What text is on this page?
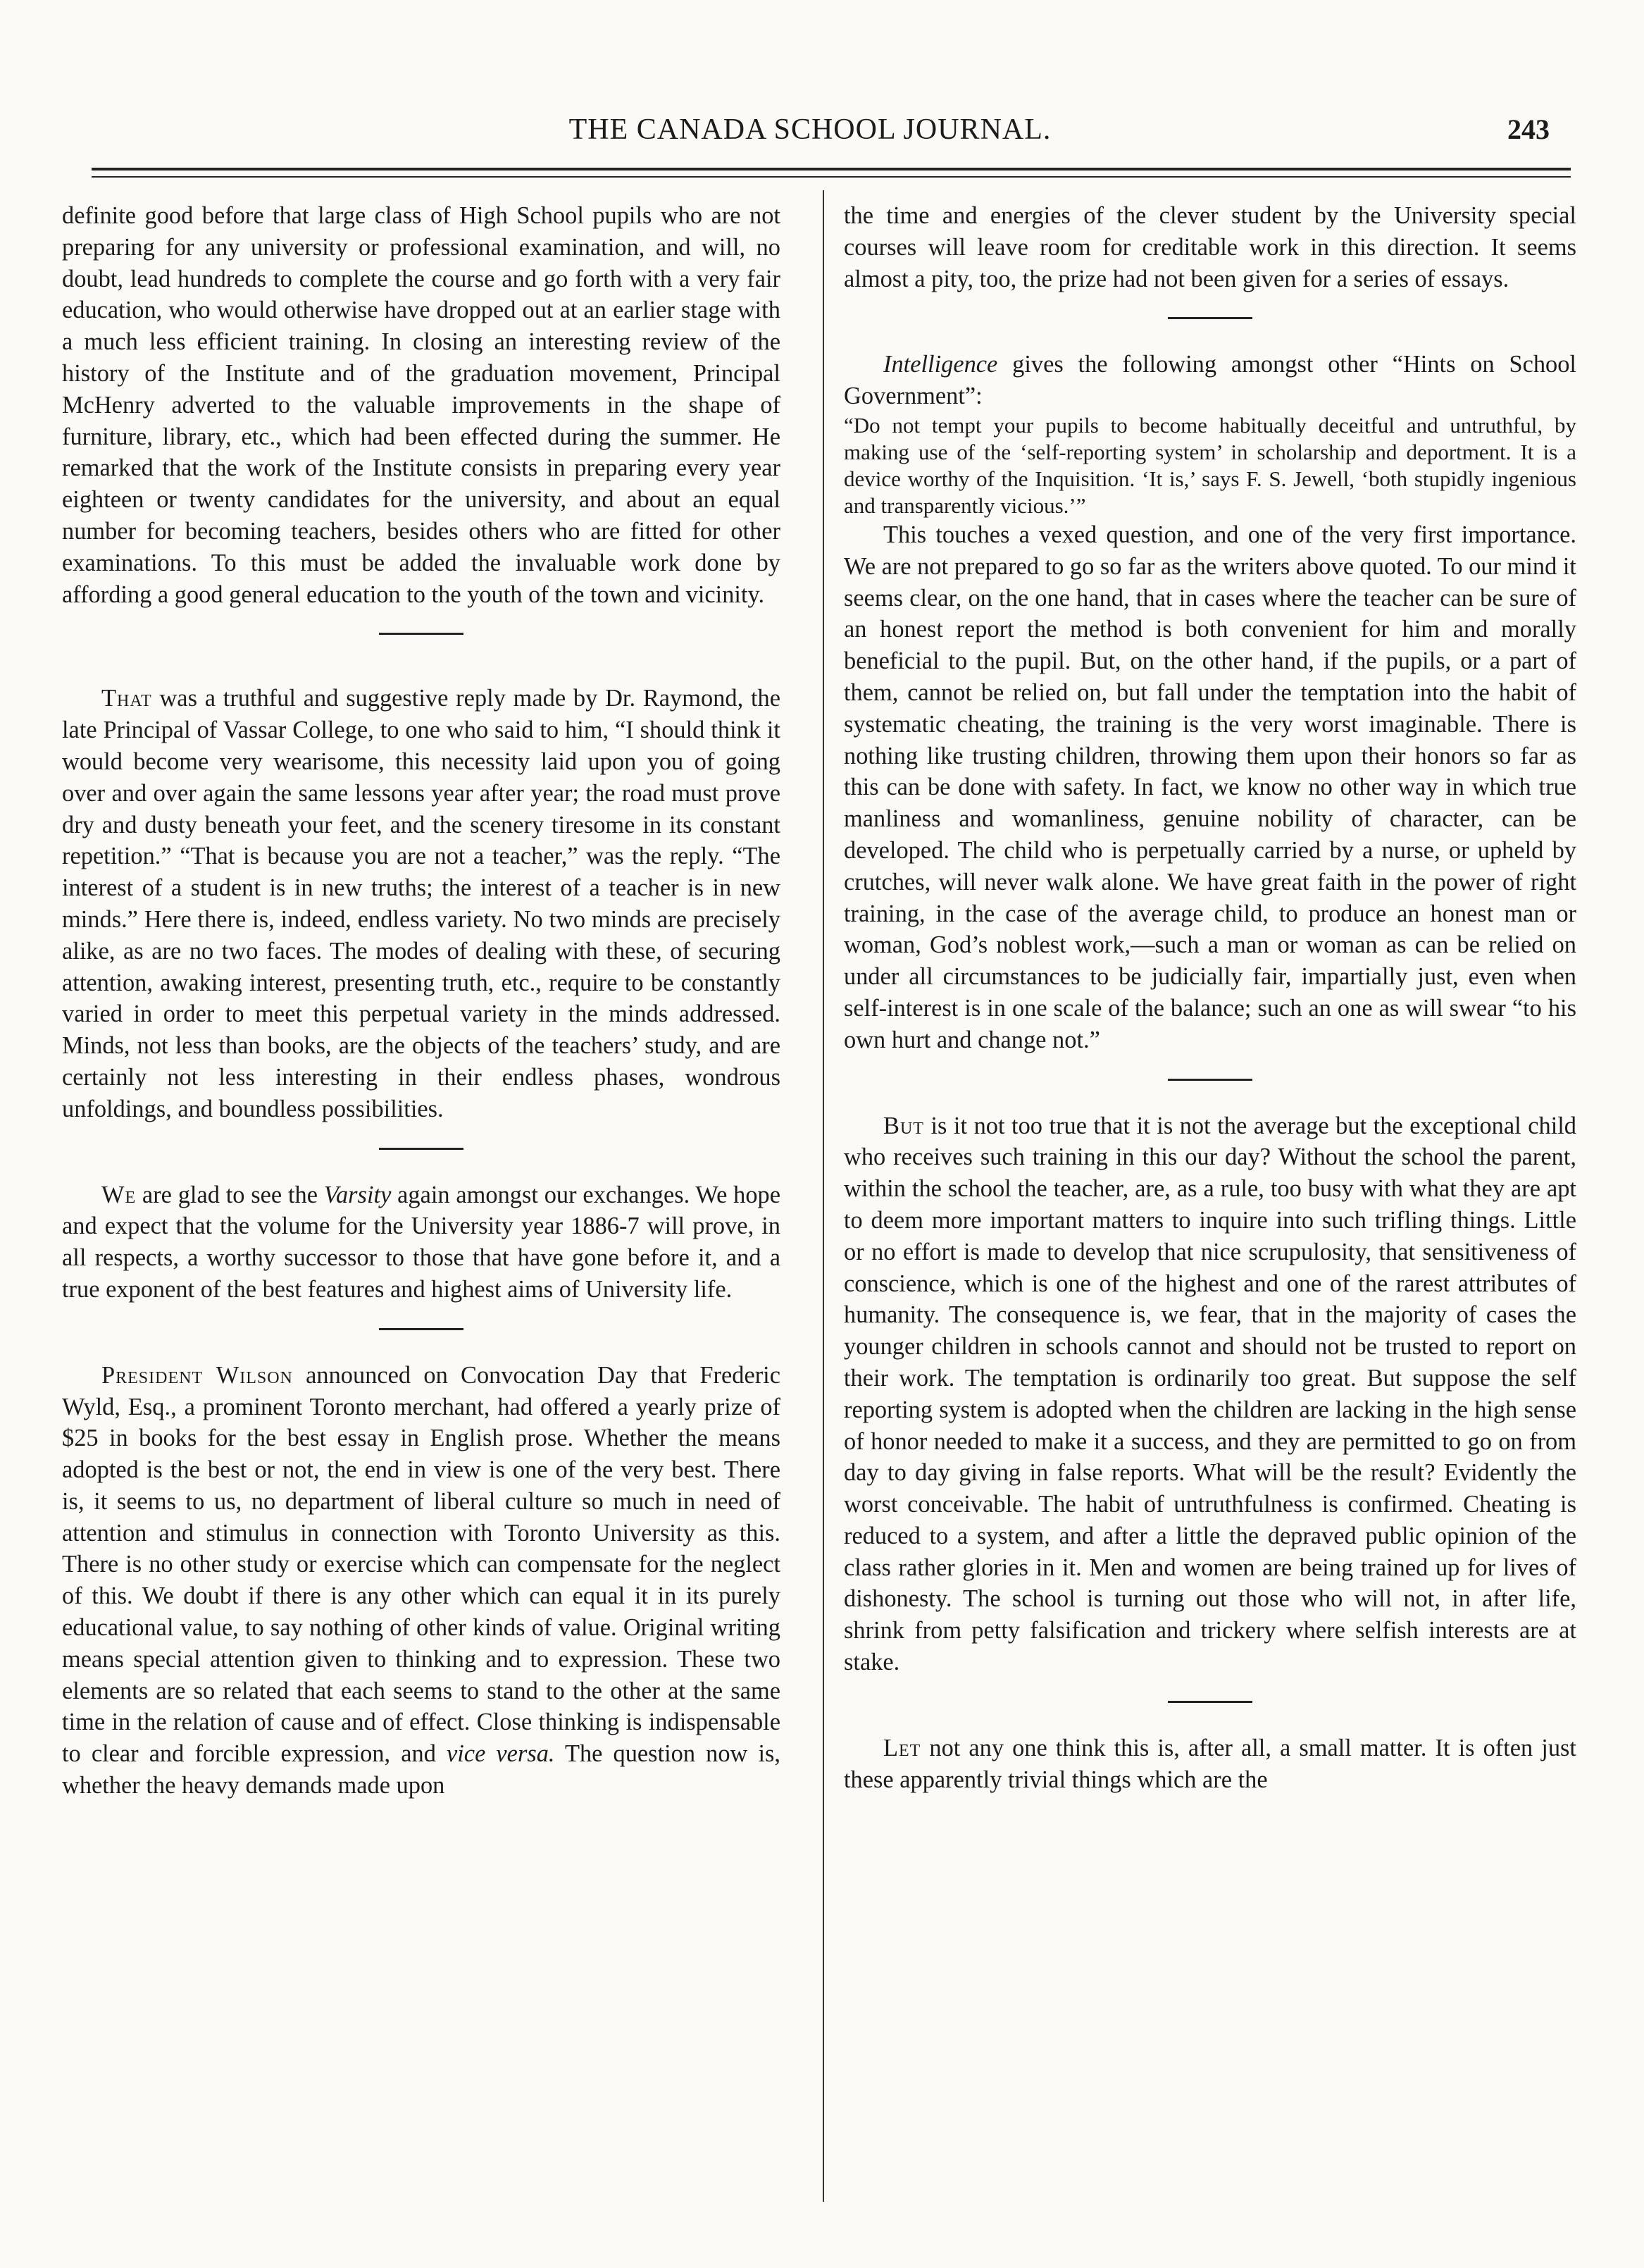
THE CANADA SCHOOL JOURNAL.	243

definite good before that large class of High School pupils who are not preparing for any university or professional examination, and will, no doubt, lead hundreds to complete the course and go forth with a very fair education, who would otherwise have dropped out at an earlier stage with a much less efficient training. In closing an interesting review of the history of the Institute and of the graduation movement, Principal McHenry adverted to the valuable improvements in the shape of furniture, library, etc., which had been effected during the summer. He remarked that the work of the Institute consists in preparing every year eighteen or twenty candidates for the university, and about an equal number for becoming teachers, besides others who are fitted for other examinations. To this must be added the invaluable work done by affording a good general education to the youth of the town and vicinity.

That was a truthful and suggestive reply made by Dr. Raymond, the late Principal of Vassar College, to one who said to him, “I should think it would become very wearisome, this necessity laid upon you of going over and over again the same lessons year after year; the road must prove dry and dusty beneath your feet, and the scenery tiresome in its constant repetition.” “That is because you are not a teacher,” was the reply. “The interest of a student is in new truths; the interest of a teacher is in new minds.” Here there is, indeed, endless variety. No two minds are precisely alike, as are no two faces. The modes of dealing with these, of securing attention, awaking interest, presenting truth, etc., require to be constantly varied in order to meet this perpetual variety in the minds addressed. Minds, not less than books, are the objects of the teachers’ study, and are certainly not less interesting in their endless phases, wondrous unfoldings, and boundless possibilities.

We are glad to see the Varsity again amongst our exchanges. We hope and expect that the volume for the University year 1886-7 will prove, in all respects, a worthy successor to those that have gone before it, and a true exponent of the best features and highest aims of University life.

President Wilson announced on Convocation Day that Frederic Wyld, Esq., a prominent Toronto merchant, had offered a yearly prize of $25 in books for the best essay in English prose. Whether the means adopted is the best or not, the end in view is one of the very best. There is, it seems to us, no department of liberal culture so much in need of attention and stimulus in connection with Toronto University as this. There is no other study or exercise which can compensate for the neglect of this. We doubt if there is any other which can equal it in its purely educational value, to say nothing of other kinds of value. Original writing means special attention given to thinking and to expression. These two elements are so related that each seems to stand to the other at the same time in the relation of cause and of effect. Close thinking is indispensable to clear and forcible expression, and vice versa. The question now is, whether the heavy demands made upon

the time and energies of the clever student by the University special courses will leave room for creditable work in this direction. It seems almost a pity, too, the prize had not been given for a series of essays.

Intelligence gives the following amongst other “Hints on School Government”:

“Do not tempt your pupils to become habitually deceitful and untruthful, by making use of the ‘self-reporting system’ in scholarship and deportment. It is a device worthy of the Inquisition. ‘It is,’ says F. S. Jewell, ‘both stupidly ingenious and transparently vicious.’”

This touches a vexed question, and one of the very first importance. We are not prepared to go so far as the writers above quoted. To our mind it seems clear, on the one hand, that in cases where the teacher can be sure of an honest report the method is both convenient for him and morally beneficial to the pupil. But, on the other hand, if the pupils, or a part of them, cannot be relied on, but fall under the temptation into the habit of systematic cheating, the training is the very worst imaginable. There is nothing like trusting children, throwing them upon their honors so far as this can be done with safety. In fact, we know no other way in which true manliness and womanliness, genuine nobility of character, can be developed. The child who is perpetually carried by a nurse, or upheld by crutches, will never walk alone. We have great faith in the power of right training, in the case of the average child, to produce an honest man or woman, God’s noblest work,—such a man or woman as can be relied on under all circumstances to be judicially fair, impartially just, even when self-interest is in one scale of the balance; such an one as will swear “to his own hurt and change not.”

But is it not too true that it is not the average but the exceptional child who receives such training in this our day? Without the school the parent, within the school the teacher, are, as a rule, too busy with what they are apt to deem more important matters to inquire into such trifling things. Little or no effort is made to develop that nice scrupulosity, that sensitiveness of conscience, which is one of the highest and one of the rarest attributes of humanity. The consequence is, we fear, that in the majority of cases the younger children in schools cannot and should not be trusted to report on their work. The temptation is ordinarily too great. But suppose the self reporting system is adopted when the children are lacking in the high sense of honor needed to make it a success, and they are permitted to go on from day to day giving in false reports. What will be the result? Evidently the worst conceivable. The habit of untruthfulness is confirmed. Cheating is reduced to a system, and after a little the depraved public opinion of the class rather glories in it. Men and women are being trained up for lives of dishonesty. The school is turning out those who will not, in after life, shrink from petty falsification and trickery where selfish interests are at stake.

Let not any one think this is, after all, a small matter. It is often just these apparently trivial things which are the
